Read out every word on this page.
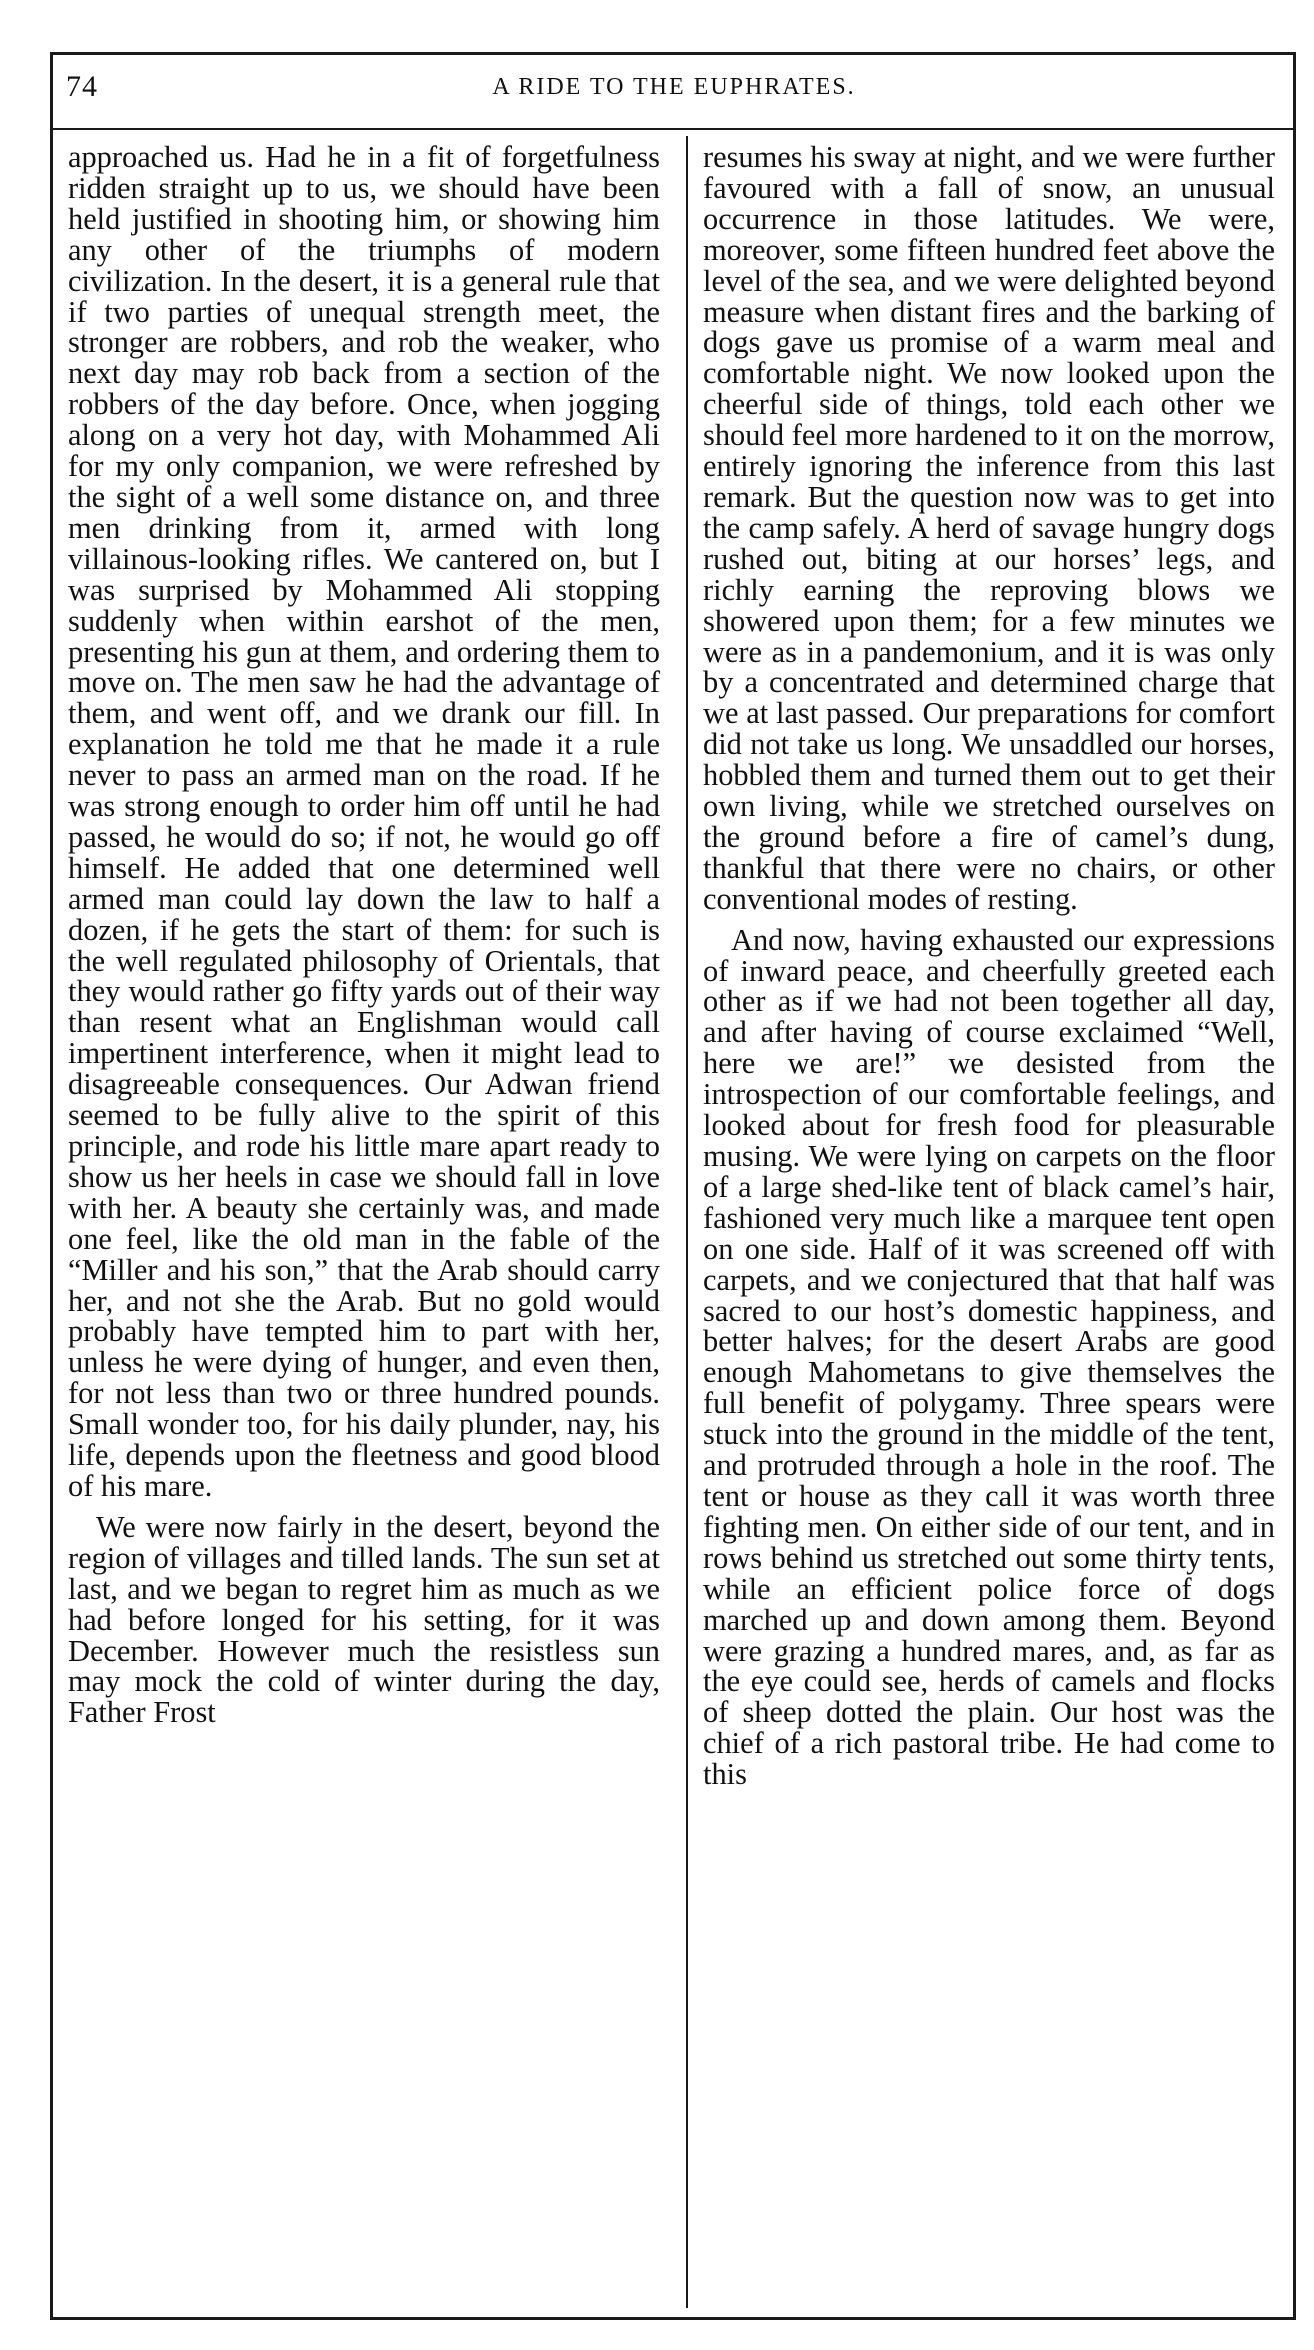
74	A RIDE TO THE EUPHRATES.

approached us. Had he in a fit of forgetfulness ridden straight up to us, we should have been held justified in shooting him, or showing him any other of the triumphs of modern civilization. In the desert, it is a general rule that if two parties of unequal strength meet, the stronger are robbers, and rob the weaker, who next day may rob back from a section of the robbers of the day before. Once, when jogging along on a very hot day, with Mohammed Ali for my only companion, we were refreshed by the sight of a well some distance on, and three men drinking from it, armed with long villainous-looking rifles. We cantered on, but I was surprised by Mohammed Ali stopping suddenly when within earshot of the men, presenting his gun at them, and ordering them to move on. The men saw he had the advantage of them, and went off, and we drank our fill. In explanation he told me that he made it a rule never to pass an armed man on the road. If he was strong enough to order him off until he had passed, he would do so; if not, he would go off himself. He added that one determined well armed man could lay down the law to half a dozen, if he gets the start of them: for such is the well regulated philosophy of Orientals, that they would rather go fifty yards out of their way than resent what an Englishman would call impertinent interference, when it might lead to disagreeable consequences. Our Adwan friend seemed to be fully alive to the spirit of this principle, and rode his little mare apart ready to show us her heels in case we should fall in love with her. A beauty she certainly was, and made one feel, like the old man in the fable of the “Miller and his son,” that the Arab should carry her, and not she the Arab. But no gold would probably have tempted him to part with her, unless he were dying of hunger, and even then, for not less than two or three hundred pounds. Small wonder too, for his daily plunder, nay, his life, depends upon the fleetness and good blood of his mare.

We were now fairly in the desert, beyond the region of villages and tilled lands. The sun set at last, and we began to regret him as much as we had before longed for his setting, for it was December. However much the resistless sun may mock the cold of winter during the day, Father Frost

resumes his sway at night, and we were further favoured with a fall of snow, an unusual occurrence in those latitudes. We were, moreover, some fifteen hundred feet above the level of the sea, and we were delighted beyond measure when distant fires and the barking of dogs gave us promise of a warm meal and comfortable night. We now looked upon the cheerful side of things, told each other we should feel more hardened to it on the morrow, entirely ignoring the inference from this last remark. But the question now was to get into the camp safely. A herd of savage hungry dogs rushed out, biting at our horses’ legs, and richly earning the reproving blows we showered upon them; for a few minutes we were as in a pandemonium, and it is was only by a concentrated and determined charge that we at last passed. Our preparations for comfort did not take us long. We unsaddled our horses, hobbled them and turned them out to get their own living, while we stretched ourselves on the ground before a fire of camel’s dung, thankful that there were no chairs, or other conventional modes of resting.

And now, having exhausted our expressions of inward peace, and cheerfully greeted each other as if we had not been together all day, and after having of course exclaimed “Well, here we are!” we desisted from the introspection of our comfortable feelings, and looked about for fresh food for pleasurable musing. We were lying on carpets on the floor of a large shed-like tent of black camel’s hair, fashioned very much like a marquee tent open on one side. Half of it was screened off with carpets, and we conjectured that that half was sacred to our host’s domestic happiness, and better halves; for the desert Arabs are good enough Mahometans to give themselves the full benefit of polygamy. Three spears were stuck into the ground in the middle of the tent, and protruded through a hole in the roof. The tent or house as they call it was worth three fighting men. On either side of our tent, and in rows behind us stretched out some thirty tents, while an efficient police force of dogs marched up and down among them. Beyond were grazing a hundred mares, and, as far as the eye could see, herds of camels and flocks of sheep dotted the plain. Our host was the chief of a rich pastoral tribe. He had come to this
